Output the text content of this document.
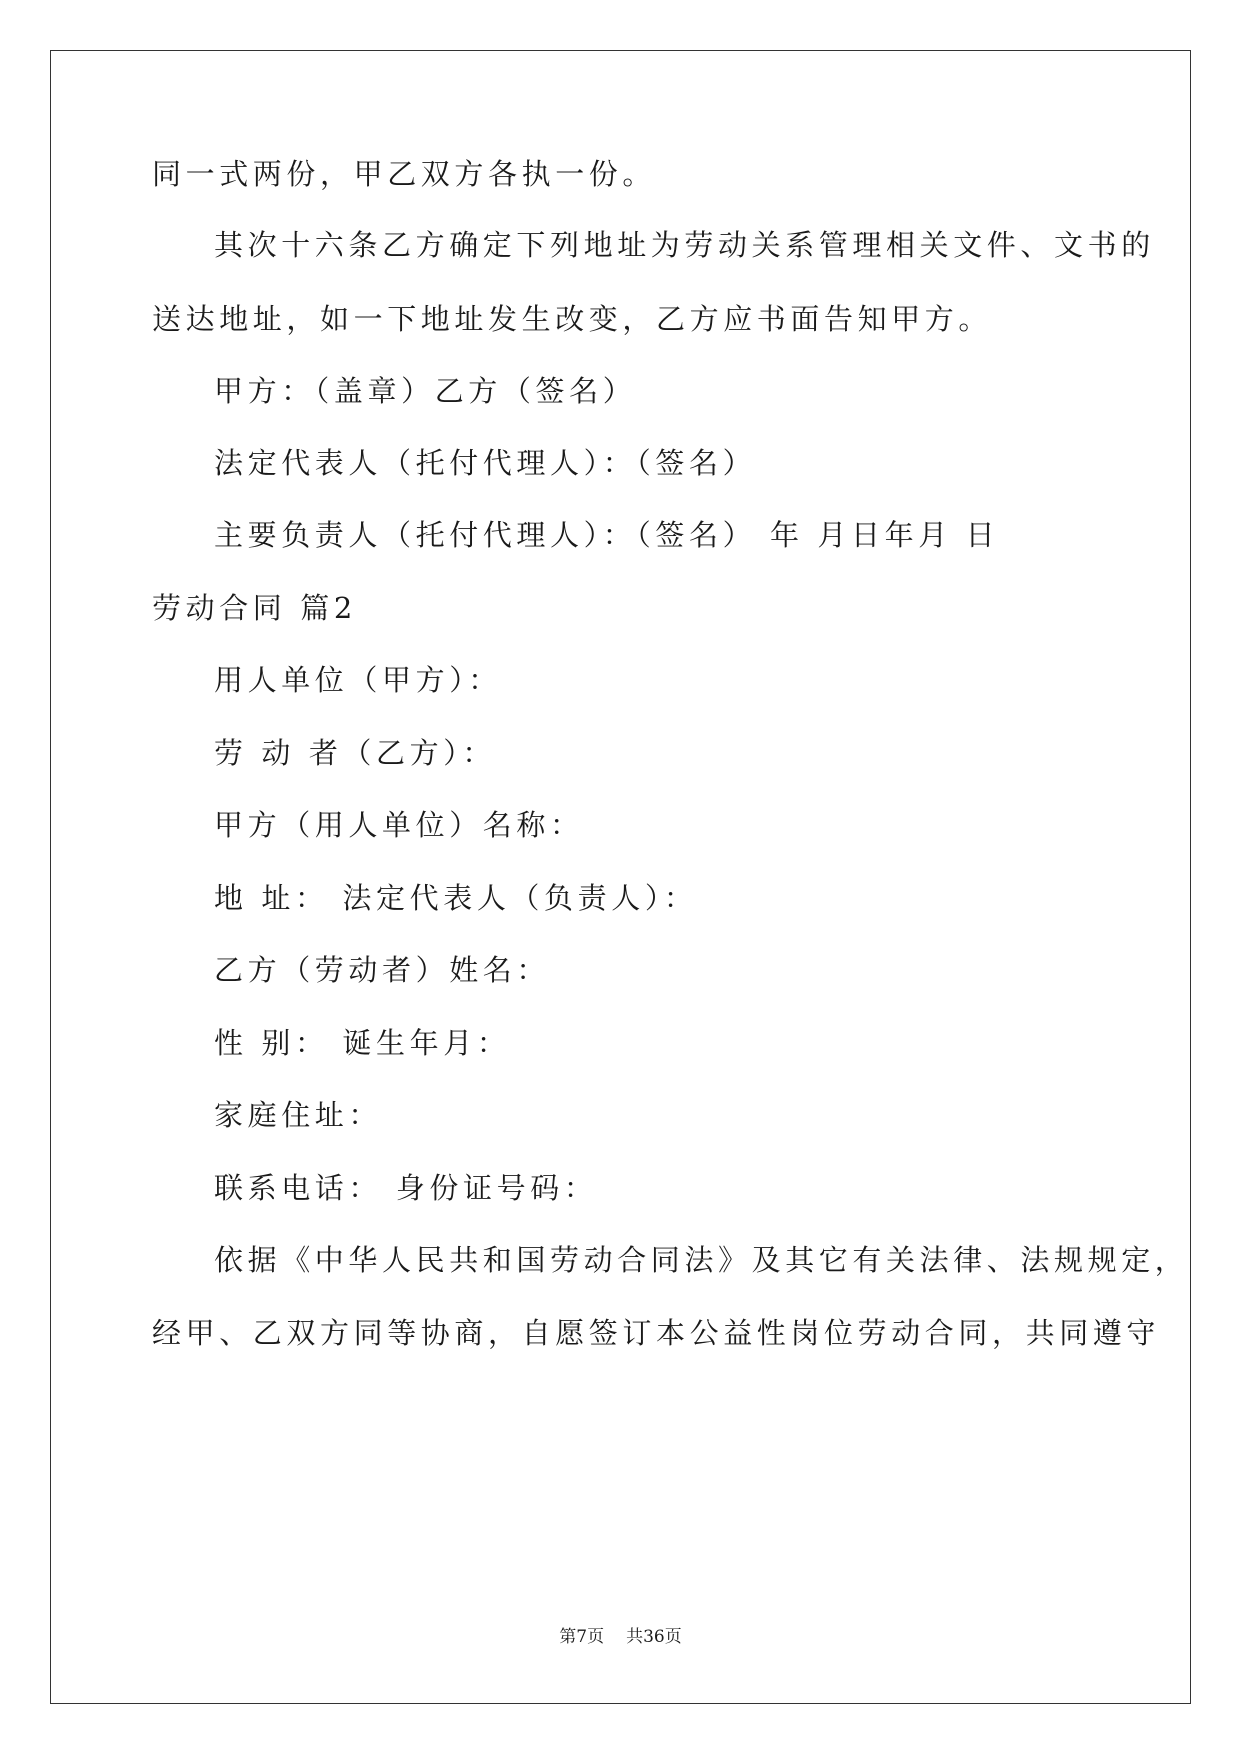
同一式两份，甲乙双方各执一份。
其次十六条乙方确定下列地址为劳动关系管理相关文件、文书的
送达地址，如一下地址发生改变，乙方应书面告知甲方。
甲方：（盖章）乙方（签名）
法定代表人（托付代理人）：（签名）
主要负责人（托付代理人）：（签名） 年 月日年月 日
劳动合同 篇2
用人单位（甲方）：
劳 动 者（乙方）：
甲方（用人单位）名称：
地 址： 法定代表人（负责人）：
乙方（劳动者）姓名：
性 别： 诞生年月：
家庭住址：
联系电话： 身份证号码：
依据《中华人民共和国劳动合同法》及其它有关法律、法规规定，
经甲、乙双方同等协商，自愿签订本公益性岗位劳动合同，共同遵守
第7页 共36页
